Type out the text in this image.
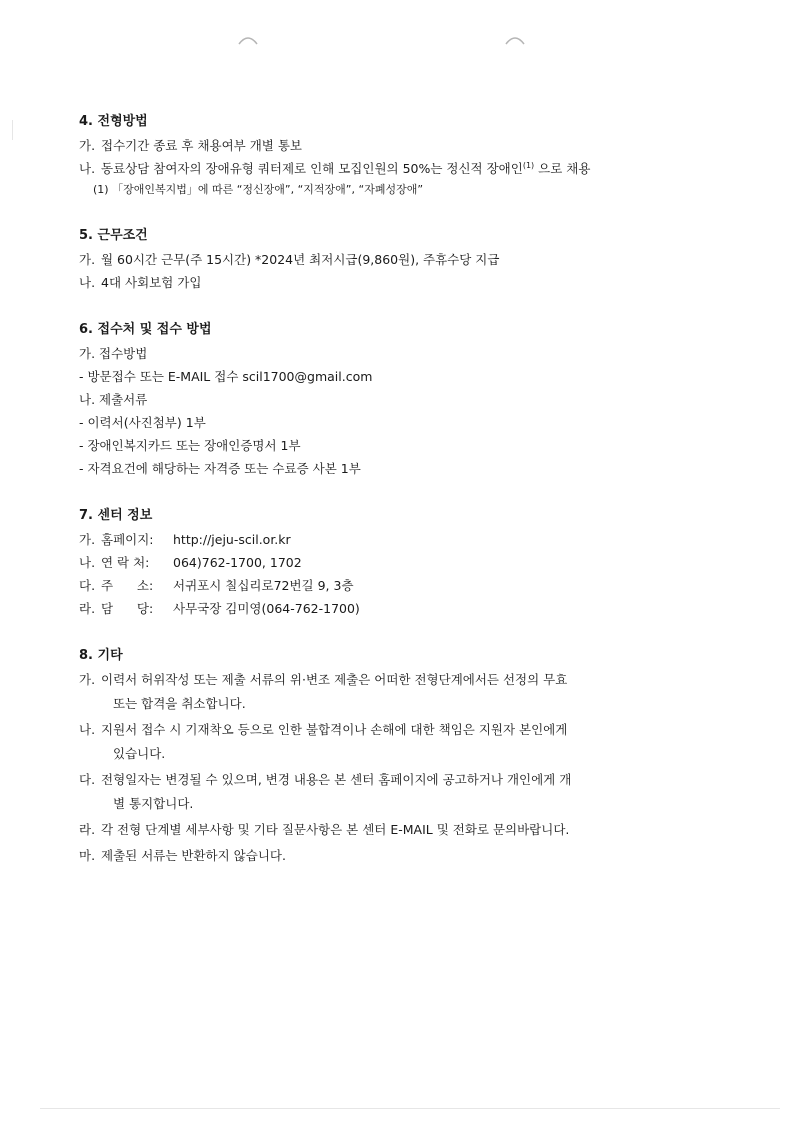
4. 전형방법
가. 접수기간 종료 후 채용여부 개별 통보
나. 동료상담 참여자의 장애유형 쿼터제로 인해 모집인원의 50%는 정신적 장애인$^{(1)}$ 으로 채용
(1) 「장애인복지법」에 따른 “정신장애”, “지적장애”, “자폐성장애”
5. 근무조건
가. 월 60시간 근무(주 15시간) *2024년 최저시급(9,860원), 주휴수당 지급
나. 4대 사회보험 가입
6. 접수처 및 접수 방법
가. 접수방법
- 방문접수 또는 E-MAIL 접수 scil1700@gmail.com
나. 제출서류
- 이력서(사진첨부) 1부
- 장애인복지카드 또는 장애인증명서 1부
- 자격요건에 해당하는 자격증 또는 수료증 사본 1부
7. 센터 정보
가. 홈페이지:	http://jeju-scil.or.kr
나. 연 락 처:	064)762-1700, 1702
다. 주      소:	서귀포시 칠십리로72번길 9, 3층
라. 담      당:	사무국장 김미영(064-762-1700)
8. 기타
가. 이력서 허위작성 또는 제출 서류의 위·변조 제출은 어떠한 전형단계에서든 선정의 무효
또는 합격을 취소합니다.
나. 지원서 접수 시 기재착오 등으로 인한 불합격이나 손해에 대한 책임은 지원자 본인에게
있습니다.
다. 전형일자는 변경될 수 있으며, 변경 내용은 본 센터 홈페이지에 공고하거나 개인에게 개
별 통지합니다.
라. 각 전형 단계별 세부사항 및 기타 질문사항은 본 센터 E-MAIL 및 전화로 문의바랍니다.
마. 제출된 서류는 반환하지 않습니다.
